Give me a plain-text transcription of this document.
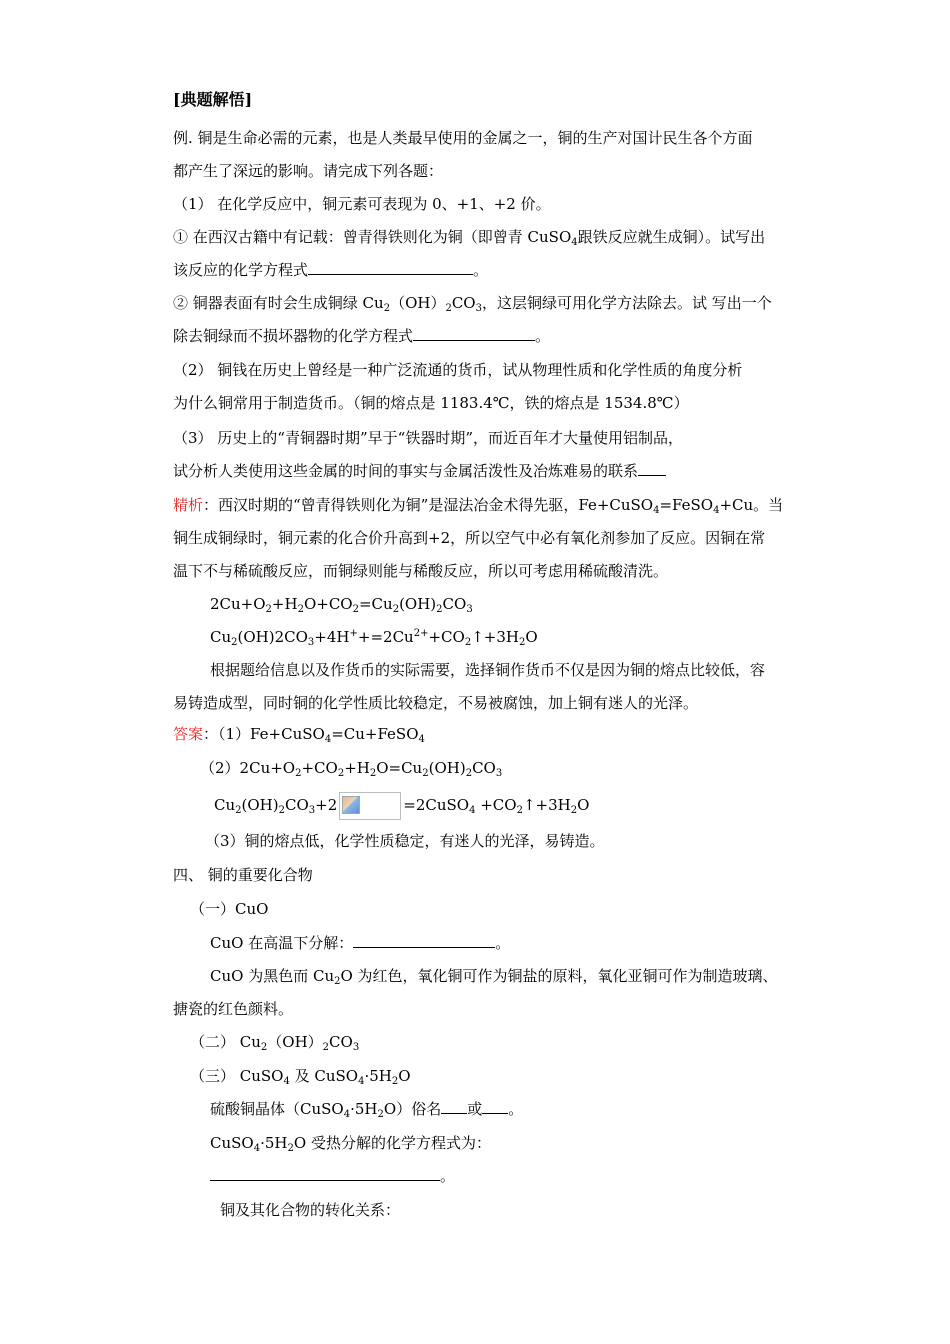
[典题解悟]
例. 铜是生命必需的元素，也是人类最早使用的金属之一，铜的生产对国计民生各个方面
都产生了深远的影响。请完成下列各题：
（1） 在化学反应中，铜元素可表现为 0、+1、+2 价。
① 在西汉古籍中有记载：曾青得铁则化为铜（即曾青 CuSO$_4$跟铁反应就生成铜）。试写出
该反应的化学方程式	。
② 铜器表面有时会生成铜绿 $Cu_2(OH)_2CO_3$，这层铜绿可用化学方法除去。试 写出一个
除去铜绿而不损坏器物的化学方程式	。
（2） 铜钱在历史上曾经是一种广泛流通的货币，试从物理性质和化学性质的角度分析
为什么铜常用于制造货币。（铜的熔点是 1183.4℃，铁的熔点是 1534.8℃）
（3） 历史上的“青铜器时期”早于“铁器时期”，而近百年才大量使用铝制品，
试分析人类使用这些金属的时间的事实与金属活泼性及冶炼难易的联系
精析：西汉时期的“曾青得铁则化为铜”是湿法冶金术得先驱，Fe+CuSO$_4$=FeSO$_4$+Cu。当
铜生成铜绿时，铜元素的化合价升高到+2，所以空气中必有氧化剂参加了反应。因铜在常
温下不与稀硫酸反应，而铜绿则能与稀酸反应，所以可考虑用稀硫酸清洗。
$2Cu+O_2+H_2O+CO_2=Cu_2(OH)_2CO_3$
$Cu_2(OH)2CO_3+4H^++=2Cu^{2+}+CO_2↑+3H_2O$
根据题给信息以及作货币的实际需要，选择铜作货币不仅是因为铜的熔点比较低，容
易铸造成型，同时铜的化学性质比较稳定，不易被腐蚀，加上铜有迷人的光泽。
答案：（1）Fe+CuSO$_4$=Cu+FeSO$_4$
$(2)2Cu+O_2+CO_2+H_2O=Cu_2(OH)_2CO_3$
$Cu_2(OH)_2CO_3+2$	=2CuSO$_4$ $+CO_2↑+3H_2O$
（3）铜的熔点低，化学性质稳定，有迷人的光泽，易铸造。
四、 铜的重要化合物
（一）CuO
CuO 在高温下分解：	。
CuO 为黑色而 $Cu_2O$ 为红色，氧化铜可作为铜盐的原料，氧化亚铜可作为制造玻璃、
搪瓷的红色颜料。
（二） $Cu_2(OH)_2CO_3$
（三） CuSO$_4$ 及 $CuSO_4\cdot 5H_2O$
硫酸铜晶体$(CuSO_4\cdot 5H_2O)$俗名 或 。
$CuSO_4\cdot 5H_2O$ 受热分解的化学方程式为：
。
铜及其化合物的转化关系：
